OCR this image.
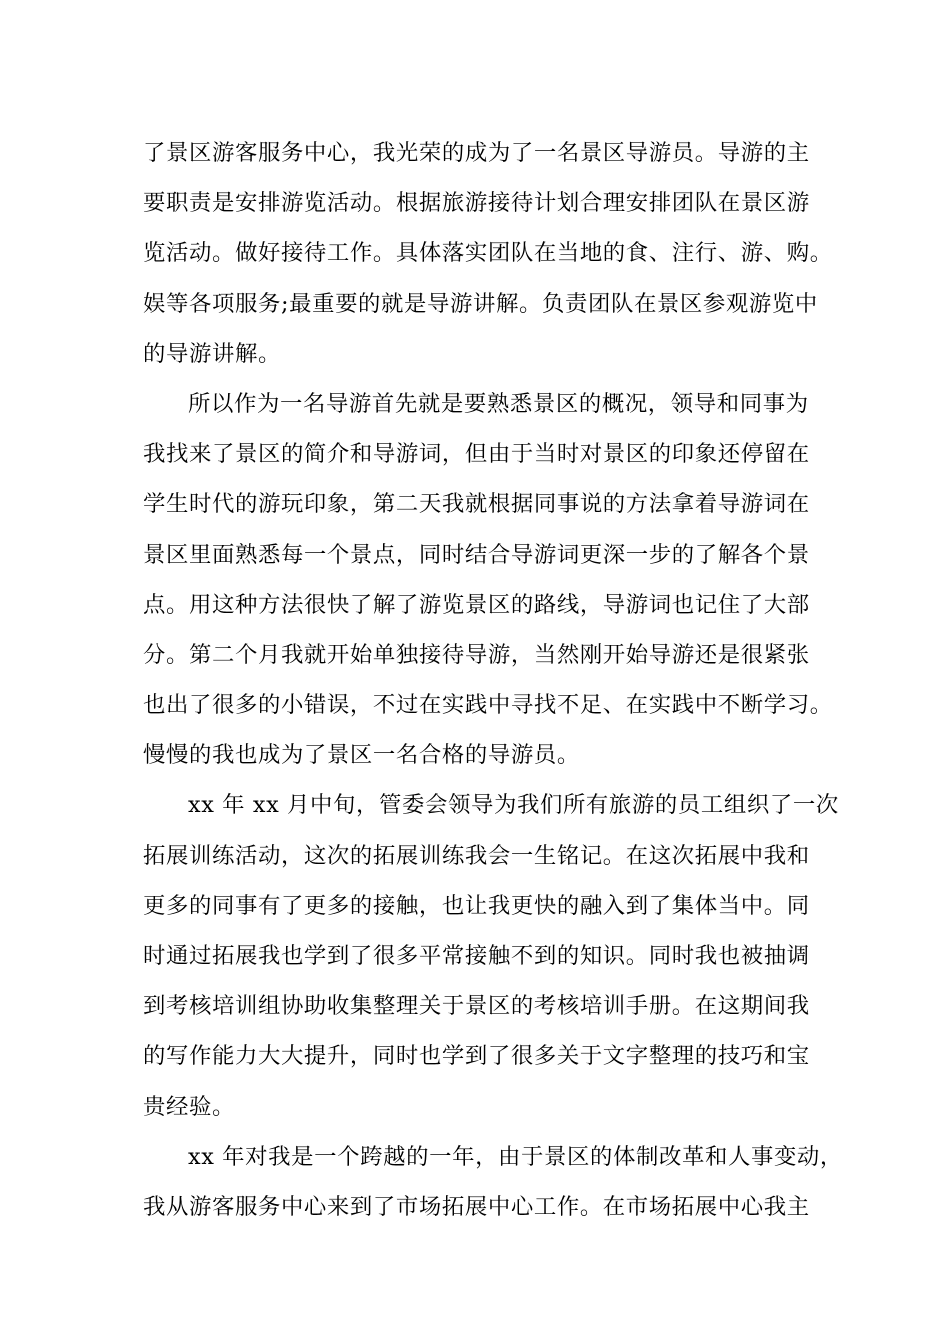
了景区游客服务中心，我光荣的成为了一名景区导游员。导游的主
要职责是安排游览活动。根据旅游接待计划合理安排团队在景区游
览活动。做好接待工作。具体落实团队在当地的食、注行、游、购。
娱等各项服务;最重要的就是导游讲解。负责团队在景区参观游览中
的导游讲解。
所以作为一名导游首先就是要熟悉景区的概况，领导和同事为
我找来了景区的简介和导游词，但由于当时对景区的印象还停留在
学生时代的游玩印象，第二天我就根据同事说的方法拿着导游词在
景区里面熟悉每一个景点，同时结合导游词更深一步的了解各个景
点。用这种方法很快了解了游览景区的路线，导游词也记住了大部
分。第二个月我就开始单独接待导游，当然刚开始导游还是很紧张
也出了很多的小错误，不过在实践中寻找不足、在实践中不断学习。
慢慢的我也成为了景区一名合格的导游员。
xx 年 xx 月中旬，管委会领导为我们所有旅游的员工组织了一次
拓展训练活动，这次的拓展训练我会一生铭记。在这次拓展中我和
更多的同事有了更多的接触，也让我更快的融入到了集体当中。同
时通过拓展我也学到了很多平常接触不到的知识。同时我也被抽调
到考核培训组协助收集整理关于景区的考核培训手册。在这期间我
的写作能力大大提升，同时也学到了很多关于文字整理的技巧和宝
贵经验。
xx 年对我是一个跨越的一年，由于景区的体制改革和人事变动，
我从游客服务中心来到了市场拓展中心工作。在市场拓展中心我主
